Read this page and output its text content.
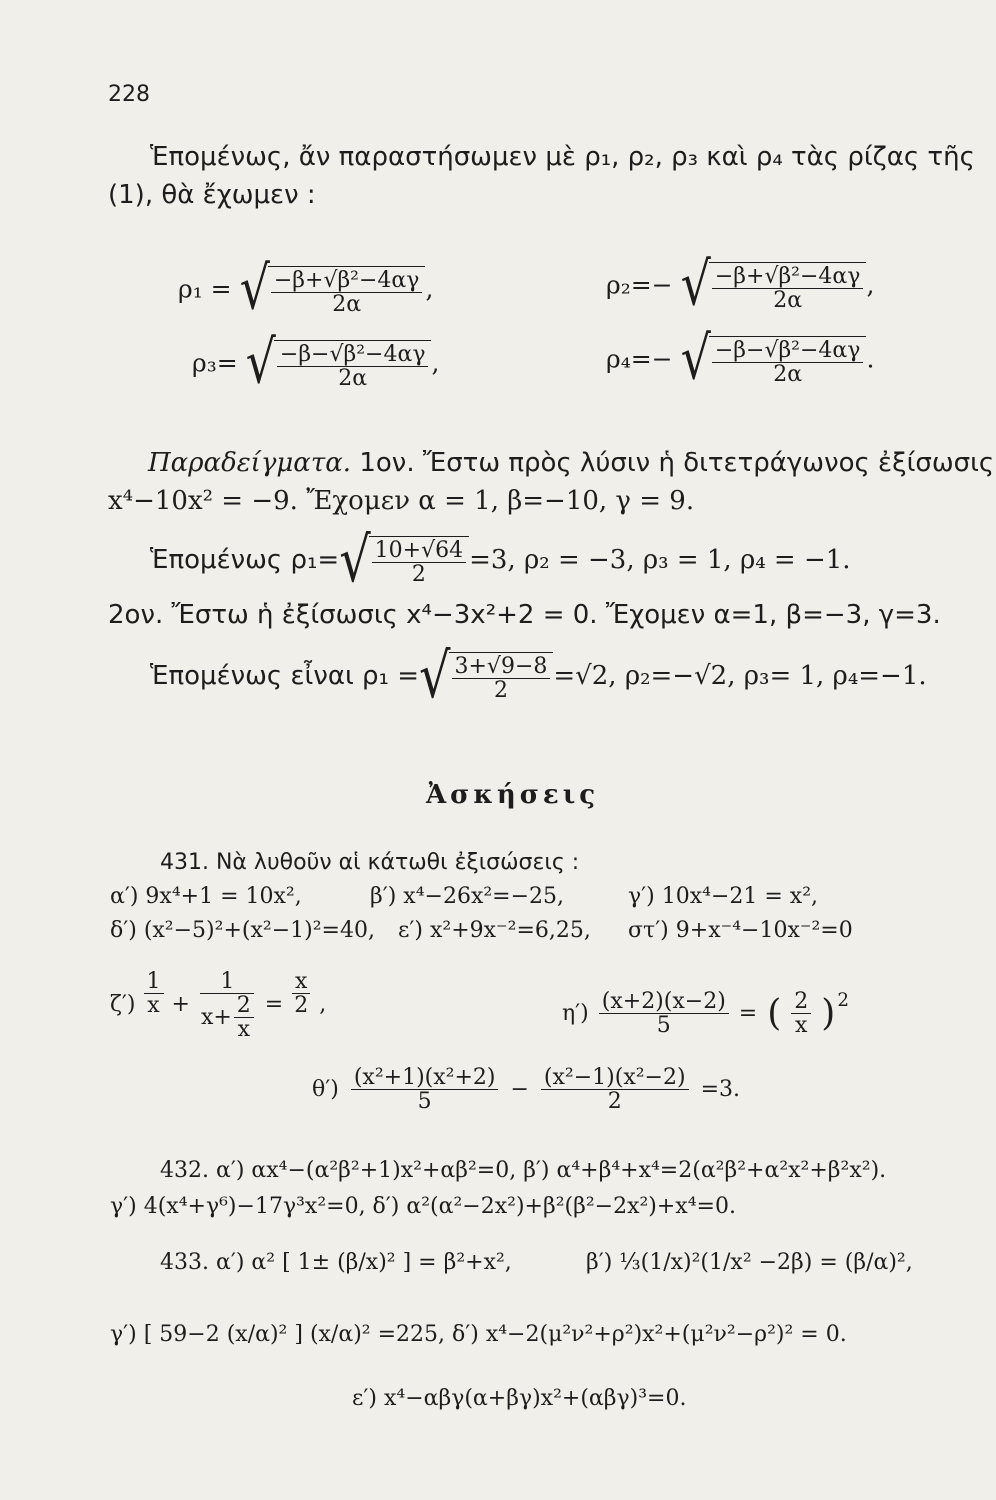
228
Ἑπομένως, ἄν παραστήσωμεν μὲ ρ₁, ρ₂, ρ₃ καὶ ρ₄ τὰς ρίζας τῆς
(1), θὰ ἔχωμεν :
ρ₁ = √ $\frac{\text{−β+√β²−4αγ}}{2\alpha}$ ,	ρ₂=− √ $\frac{\text{−β+√β²−4αγ}}{2\alpha}$ ,
ρ₃= √ $\frac{\text{−β−√β²−4αγ}}{2\alpha}$ ,	ρ₄=− √ $\frac{\text{−β−√β²−4αγ}}{2\alpha}$ .
Παραδείγματα. 1ον. Ἔστω πρὸς λύσιν ἡ διτετράγωνος ἐξίσωσις
x⁴−10x² = −9. Ἔχομεν α = 1, β=−10, γ = 9.
Ἑπομένως ρ₁= √ $\frac{10+√64}{2} =3$, ρ₂ = −3, ρ₃ = 1, ρ₄ = −1.
2ον. Ἔστω ἡ ἐξίσωσις x⁴−3x²+2 = 0. Ἔχομεν α=1, β=−3, γ=3.
Ἑπομένως εἶναι ρ₁ = √ $\frac{3+√9-8}{2} =√2$, ρ₂=−√2, ρ₃= 1, ρ₄=−1.
Ἀσκήσεις
431. Νὰ λυθοῦν αἱ κάτωθι ἐξισώσεις :
α′) 9x⁴+1 = 10x²,	β′) x⁴−26x²=−25,	γ′) 10x⁴−21 = x²,
δ′) (x²−5)²+(x²−1)²=40, ε′) x²+9x⁻²=6,25, στ′) 9+x⁻⁴−10x⁻²=0
$\zeta') \frac{1}{x} + \frac{1}{x+ \frac{2}{x}} = \frac{x}{2}$ ,	$\eta') \frac{(x+2)(x-2)}{5}$ = ( $\frac{2}{x} )^2$
$\theta') \frac{\text{(x²+1)(x²+2)}}{5} - \frac{\text{(x²−1)(x²−2)}}{2} =3$.
432. α′) αx⁴−(α²β²+1)x²+αβ²=0, β′) α⁴+β⁴+x⁴=2(α²β²+α²x²+β²x²).
γ′) 4(x⁴+γ⁶)−17γ³x²=0, δ′) α²(α²−2x²)+β²(β²−2x²)+x⁴=0.
433. α′) α² [ 1± (β/x)² ] = β²+x²,	β′) ⅓(1/x)²(1/x² −2β) = (β/α)²,
γ′) [ 59−2 (x/α)² ] (x/α)² =225, δ′) x⁴−2(μ²ν²+ρ²)x²+(μ²ν²−ρ²)² = 0.
ε′) x⁴−αβγ(α+βγ)x²+(αβγ)³=0.
